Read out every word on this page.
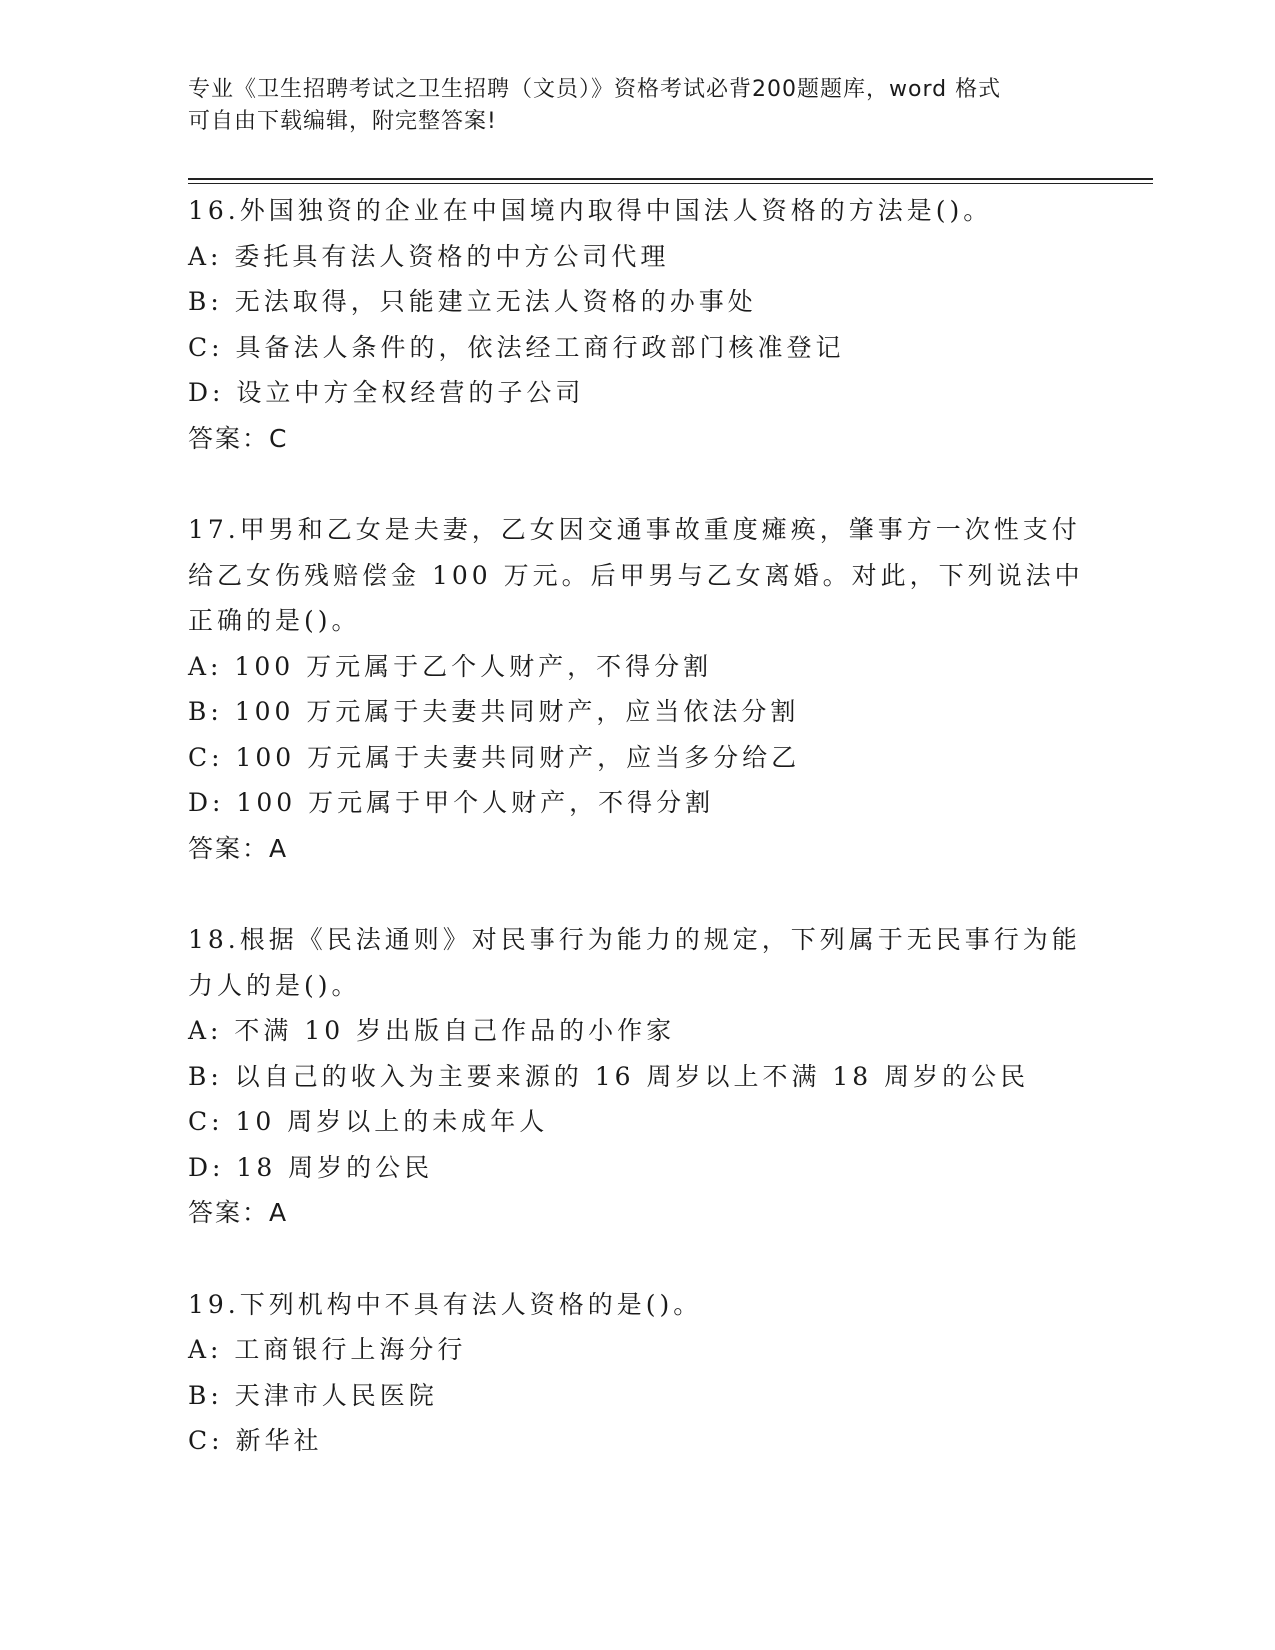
专业《卫生招聘考试之卫生招聘（文员）》资格考试必背200题题库，word 格式
可自由下载编辑，附完整答案!
16.外国独资的企业在中国境内取得中国法人资格的方法是()。
A: 委托具有法人资格的中方公司代理
B: 无法取得，只能建立无法人资格的办事处
C: 具备法人条件的，依法经工商行政部门核准登记
D: 设立中方全权经营的子公司
答案：C
17.甲男和乙女是夫妻，乙女因交通事故重度瘫痪，肇事方一次性支付
给乙女伤残赔偿金 100 万元。后甲男与乙女离婚。对此，下列说法中
正确的是()。
A: 100 万元属于乙个人财产，不得分割
B: 100 万元属于夫妻共同财产，应当依法分割
C: 100 万元属于夫妻共同财产，应当多分给乙
D: 100 万元属于甲个人财产，不得分割
答案：A
18.根据《民法通则》对民事行为能力的规定，下列属于无民事行为能
力人的是()。
A: 不满 10 岁出版自己作品的小作家
B: 以自己的收入为主要来源的 16 周岁以上不满 18 周岁的公民
C: 10 周岁以上的未成年人
D: 18 周岁的公民
答案：A
19.下列机构中不具有法人资格的是()。
A: 工商银行上海分行
B: 天津市人民医院
C: 新华社
